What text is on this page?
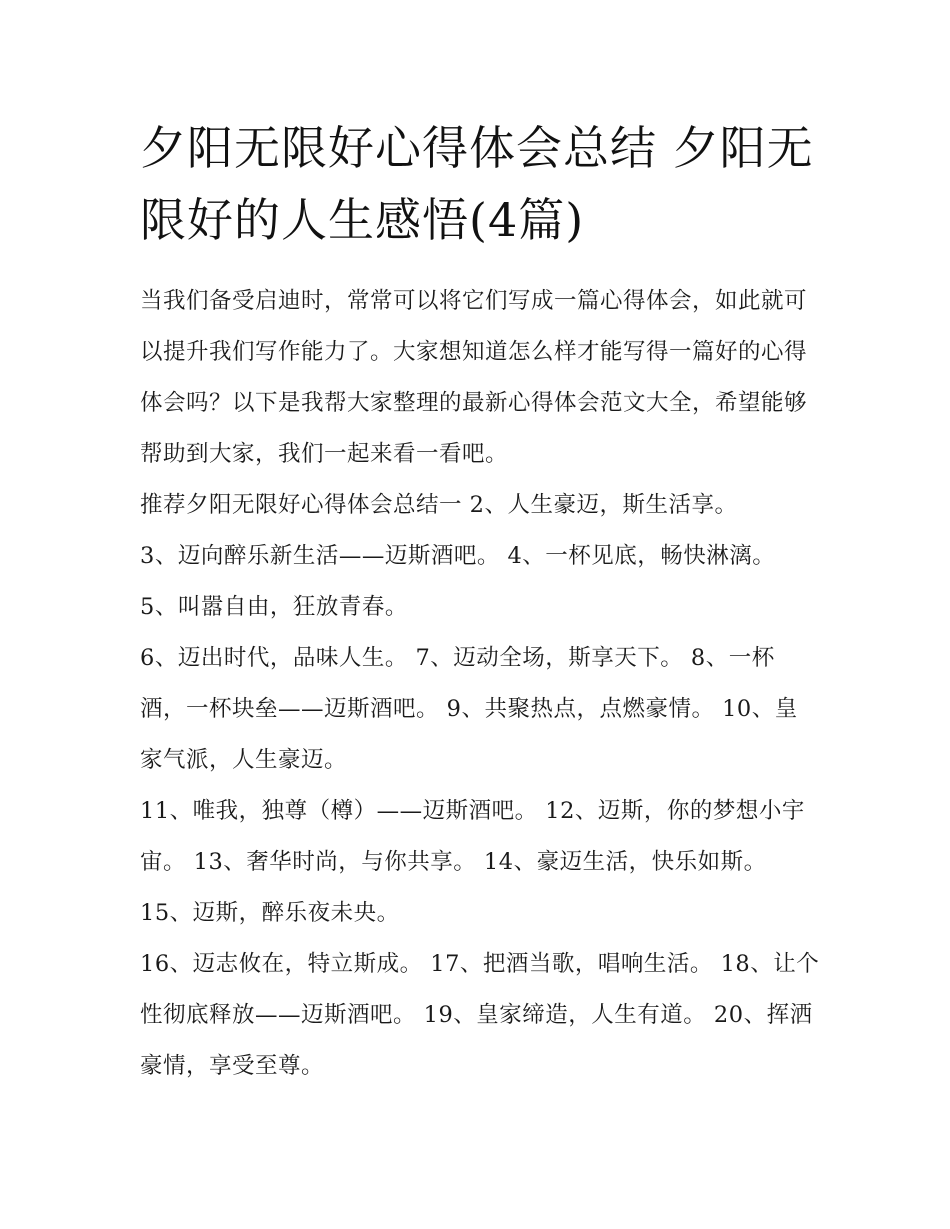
夕阳无限好心得体会总结 夕阳无限好的人生感悟(4篇)

当我们备受启迪时，常常可以将它们写成一篇心得体会，如此就可以提升我们写作能力了。大家想知道怎么样才能写得一篇好的心得体会吗？以下是我帮大家整理的最新心得体会范文大全，希望能够帮助到大家，我们一起来看一看吧。

推荐夕阳无限好心得体会总结一 2、人生豪迈，斯生活享。

3、迈向醉乐新生活——迈斯酒吧。 4、一杯见底，畅快淋漓。 5、叫嚣自由，狂放青春。

6、迈出时代，品味人生。 7、迈动全场，斯享天下。 8、一杯酒，一杯块垒——迈斯酒吧。 9、共聚热点，点燃豪情。 10、皇家气派，人生豪迈。

11、唯我，独尊（樽）——迈斯酒吧。 12、迈斯，你的梦想小宇宙。 13、奢华时尚，与你共享。 14、豪迈生活，快乐如斯。 15、迈斯，醉乐夜未央。

16、迈志攸在，特立斯成。 17、把酒当歌，唱响生活。 18、让个性彻底释放——迈斯酒吧。 19、皇家缔造，人生有道。 20、挥洒豪情，享受至尊。
